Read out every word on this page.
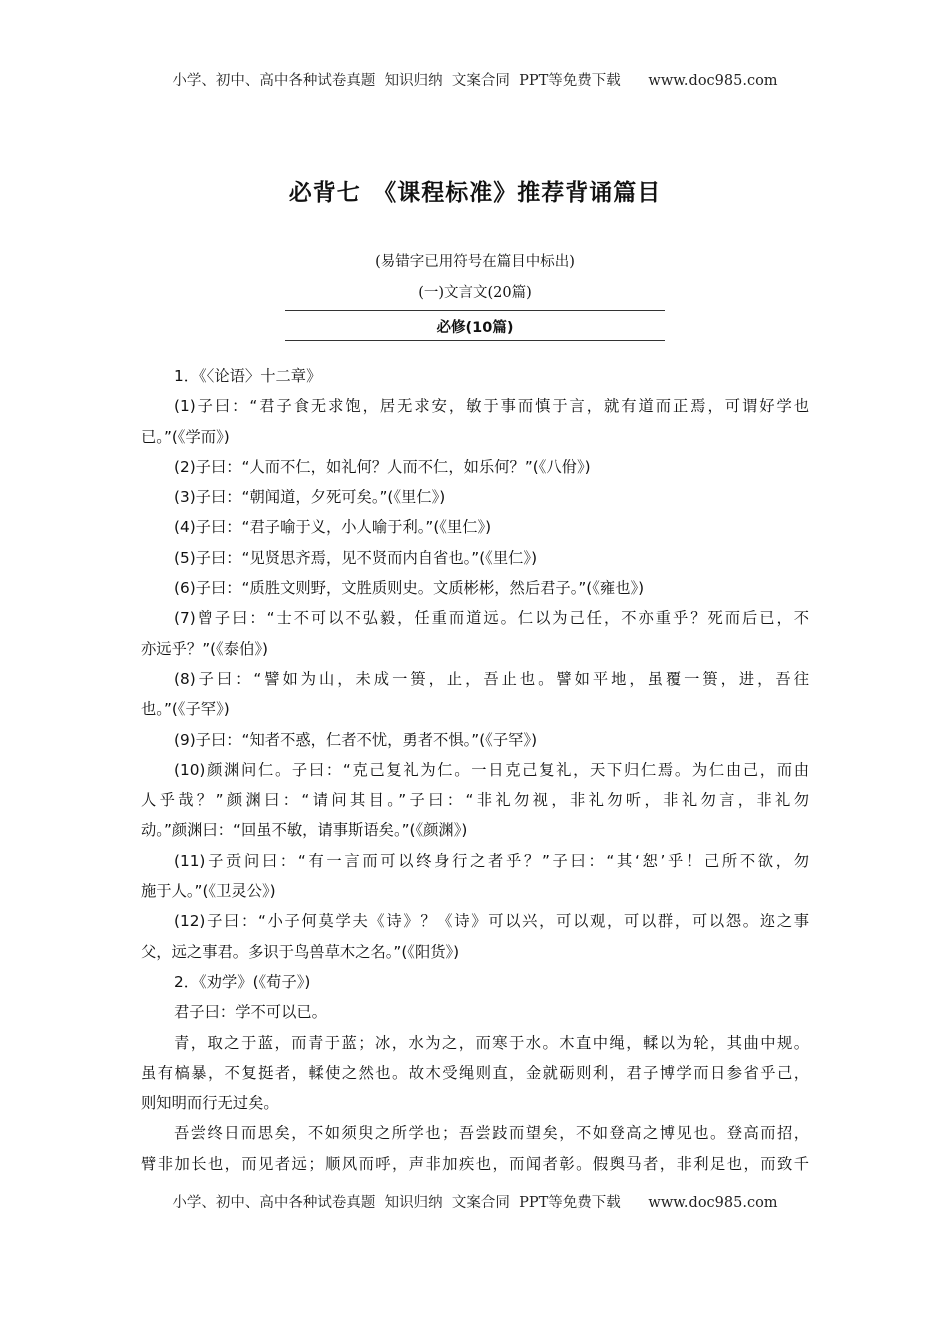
小学、初中、高中各种试卷真题  知识归纳  文案合同  PPT等免费下载      www.doc985.com
必背七　《课程标准》推荐背诵篇目
(易错字已用符号在篇目中标出)
(一)文言文(20篇)
必修(10篇)
1．《〈论语〉十二章》
(1)子曰：“君子食无求饱，居无求安，敏于事而慎于言，就有道而正焉，可谓好学也
已。”(《学而》)
(2)子曰：“人而不仁，如礼何？人而不仁，如乐何？”(《八佾》)
(3)子曰：“朝闻道，夕死可矣。”(《里仁》)
(4)子曰：“君子喻于义，小人喻于利。”(《里仁》)
(5)子曰：“见贤思齐焉，见不贤而内自省也。”(《里仁》)
(6)子曰：“质胜文则野，文胜质则史。文质彬彬，然后君子。”(《雍也》)
(7)曾子曰：“士不可以不弘毅，任重而道远。仁以为己任，不亦重乎？死而后已，不
亦远乎？”(《泰伯》)
(8)子曰：“譬如为山，未成一篑，止，吾止也。譬如平地，虽覆一篑，进，吾往
也。”(《子罕》)
(9)子曰：“知者不惑，仁者不忧，勇者不惧。”(《子罕》)
(10)颜渊问仁。子曰：“克己复礼为仁。一日克己复礼，天下归仁焉。为仁由己，而由
人乎哉？”颜渊曰：“请问其目。”子曰：“非礼勿视，非礼勿听，非礼勿言，非礼勿
动。”颜渊曰：“回虽不敏，请事斯语矣。”(《颜渊》)
(11)子贡问曰：“有一言而可以终身行之者乎？”子曰：“其‘恕’乎！己所不欲，勿
施于人。”(《卫灵公》)
(12)子曰：“小子何莫学夫《诗》？《诗》可以兴，可以观，可以群，可以怨。迩之事
父，远之事君。多识于鸟兽草木之名。”(《阳货》)
2．《劝学》(《荀子》)
君子曰：学不可以已。
青，取之于蓝，而青于蓝；冰，水为之，而寒于水。木直中绳，輮以为轮，其曲中规。
虽有槁暴，不复挺者，輮使之然也。故木受绳则直，金就砺则利，君子博学而日参省乎己，
则知明而行无过矣。
吾尝终日而思矣，不如须臾之所学也；吾尝跂而望矣，不如登高之博见也。登高而招，
臂非加长也，而见者远；顺风而呼，声非加疾也，而闻者彰。假舆马者，非利足也，而致千
小学、初中、高中各种试卷真题  知识归纳  文案合同  PPT等免费下载      www.doc985.com
